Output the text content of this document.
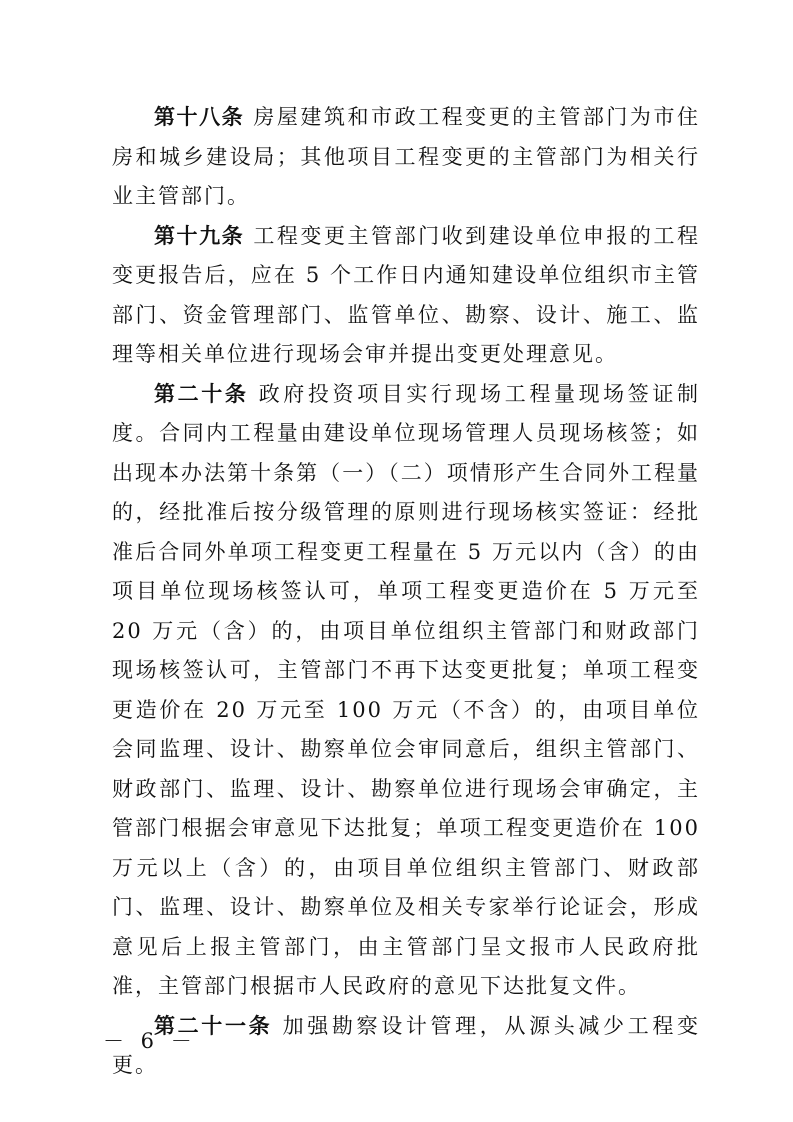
第十八条 房屋建筑和市政工程变更的主管部门为市住房和城乡建设局；其他项目工程变更的主管部门为相关行业主管部门。

第十九条 工程变更主管部门收到建设单位申报的工程变更报告后，应在 5 个工作日内通知建设单位组织市主管部门、资金管理部门、监管单位、勘察、设计、施工、监理等相关单位进行现场会审并提出变更处理意见。

第二十条 政府投资项目实行现场工程量现场签证制度。合同内工程量由建设单位现场管理人员现场核签；如出现本办法第十条第（一）（二）项情形产生合同外工程量的，经批准后按分级管理的原则进行现场核实签证：经批准后合同外单项工程变更工程量在 5 万元以内（含）的由项目单位现场核签认可，单项工程变更造价在 5 万元至 20 万元（含）的，由项目单位组织主管部门和财政部门现场核签认可，主管部门不再下达变更批复；单项工程变更造价在 20 万元至 100 万元（不含）的，由项目单位会同监理、设计、勘察单位会审同意后，组织主管部门、财政部门、监理、设计、勘察单位进行现场会审确定，主管部门根据会审意见下达批复；单项工程变更造价在 100 万元以上（含）的，由项目单位组织主管部门、财政部门、监理、设计、勘察单位及相关专家举行论证会，形成意见后上报主管部门，由主管部门呈文报市人民政府批准，主管部门根据市人民政府的意见下达批复文件。

第二十一条 加强勘察设计管理，从源头减少工程变更。

－ 6 －
